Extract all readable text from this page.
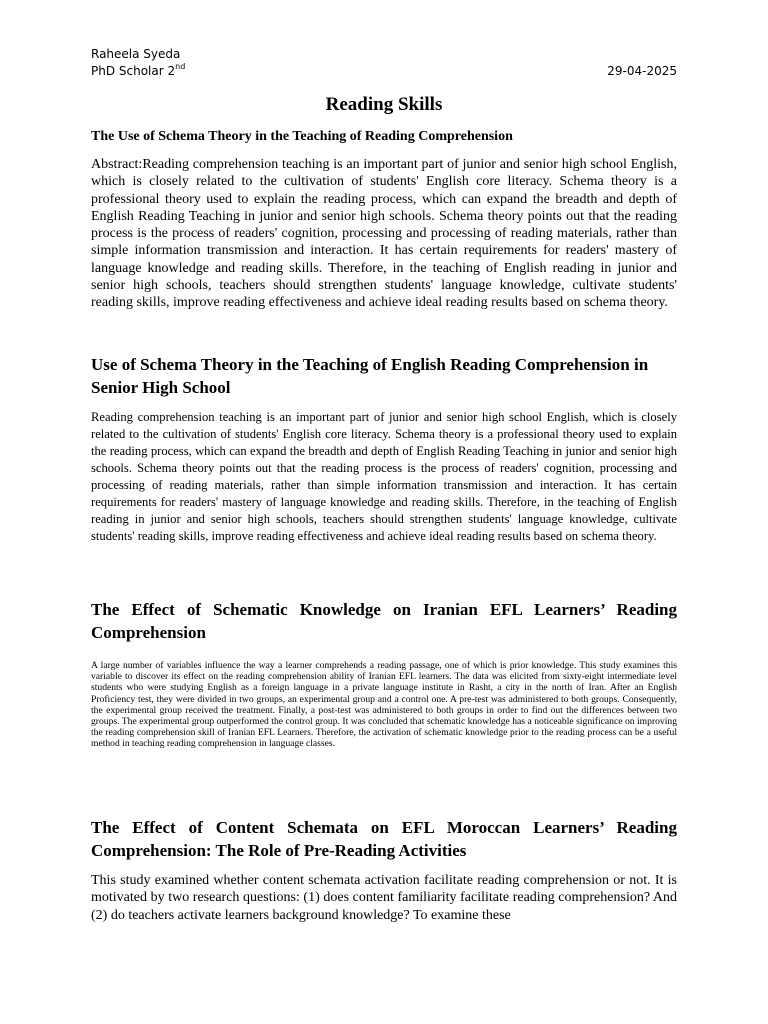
Raheela Syeda
PhD Scholar 2nd	29-04-2025
Reading Skills
The Use of Schema Theory in the Teaching of Reading Comprehension

Abstract:Reading comprehension teaching is an important part of junior and senior high school English, which is closely related to the cultivation of students' English core literacy. Schema theory is a professional theory used to explain the reading process, which can expand the breadth and depth of English Reading Teaching in junior and senior high schools. Schema theory points out that the reading process is the process of readers' cognition, processing and processing of reading materials, rather than simple information transmission and interaction. It has certain requirements for readers' mastery of language knowledge and reading skills. Therefore, in the teaching of English reading in junior and senior high schools, teachers should strengthen students' language knowledge, cultivate students' reading skills, improve reading effectiveness and achieve ideal reading results based on schema theory.

Use of Schema Theory in the Teaching of English Reading Comprehension in Senior High School

Reading comprehension teaching is an important part of junior and senior high school English, which is closely related to the cultivation of students' English core literacy. Schema theory is a professional theory used to explain the reading process, which can expand the breadth and depth of English Reading Teaching in junior and senior high schools. Schema theory points out that the reading process is the process of readers' cognition, processing and processing of reading materials, rather than simple information transmission and interaction. It has certain requirements for readers' mastery of language knowledge and reading skills. Therefore, in the teaching of English reading in junior and senior high schools, teachers should strengthen students' language knowledge, cultivate students' reading skills, improve reading effectiveness and achieve ideal reading results based on schema theory.

The Effect of Schematic Knowledge on Iranian EFL Learners’ Reading Comprehension

A large number of variables influence the way a learner comprehends a reading passage, one of which is prior knowledge. This study examines this variable to discover its effect on the reading comprehension ability of Iranian EFL learners. The data was elicited from sixty-eight intermediate level students who were studying English as a foreign language in a private language institute in Rasht, a city in the north of Iran. After an English Proficiency test, they were divided in two groups, an experimental group and a control one. A pre-test was administered to both groups. Consequently, the experimental group received the treatment. Finally, a post-test was administered to both groups in order to find out the differences between two groups. The experimental group outperformed the control group. It was concluded that schematic knowledge has a noticeable significance on improving the reading comprehension skill of Iranian EFL Learners. Therefore, the activation of schematic knowledge prior to the reading process can be a useful method in teaching reading comprehension in language classes.

The Effect of Content Schemata on EFL Moroccan Learners’ Reading Comprehension: The Role of Pre-Reading Activities

This study examined whether content schemata activation facilitate reading comprehension or not. It is motivated by two research questions: (1) does content familiarity facilitate reading comprehension? And (2) do teachers activate learners background knowledge? To examine these
